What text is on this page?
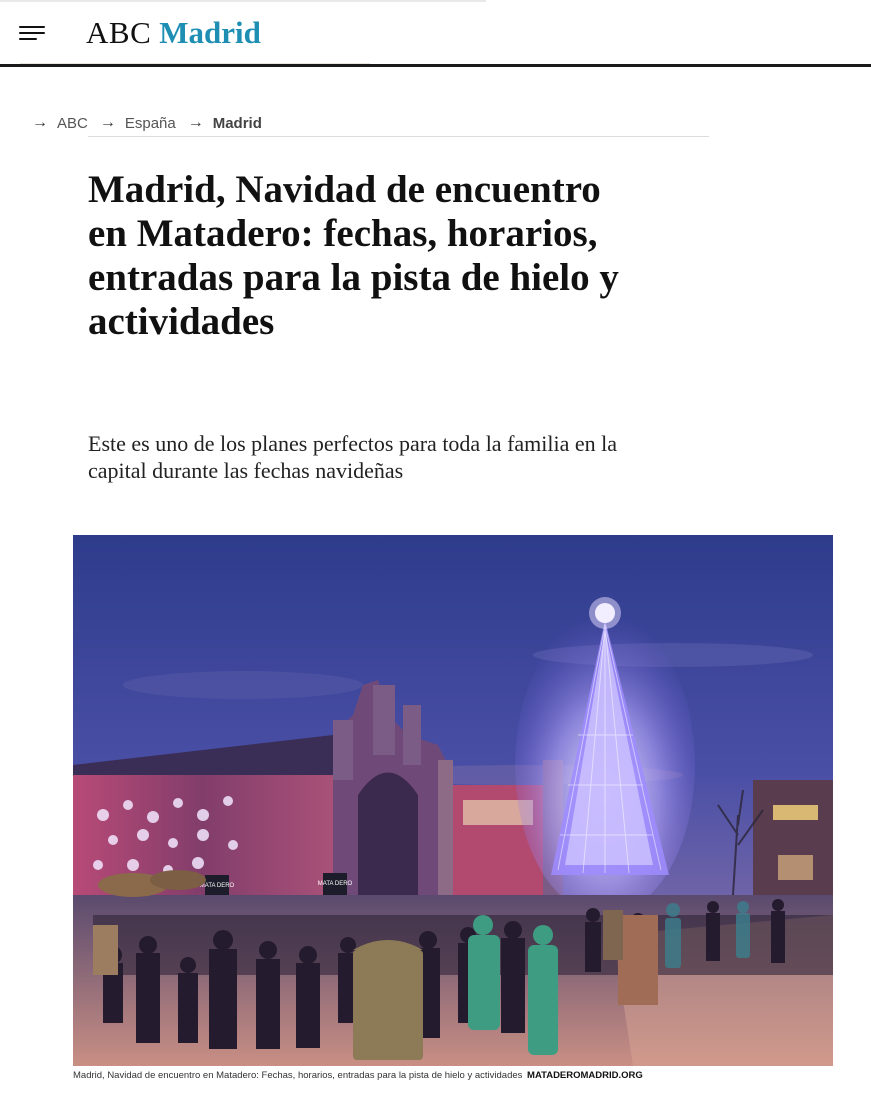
ABC Madrid
→ ABC → España → Madrid
Madrid, Navidad de encuentro en Matadero: fechas, horarios, entradas para la pista de hielo y actividades

Este es uno de los planes perfectos para toda la familia en la capital durante las fechas navideñas

MATA DERO	MATA DERO
Madrid, Navidad de encuentro en Matadero: Fechas, horarios, entradas para la pista de hielo y actividades MATADEROMADRID.ORG
